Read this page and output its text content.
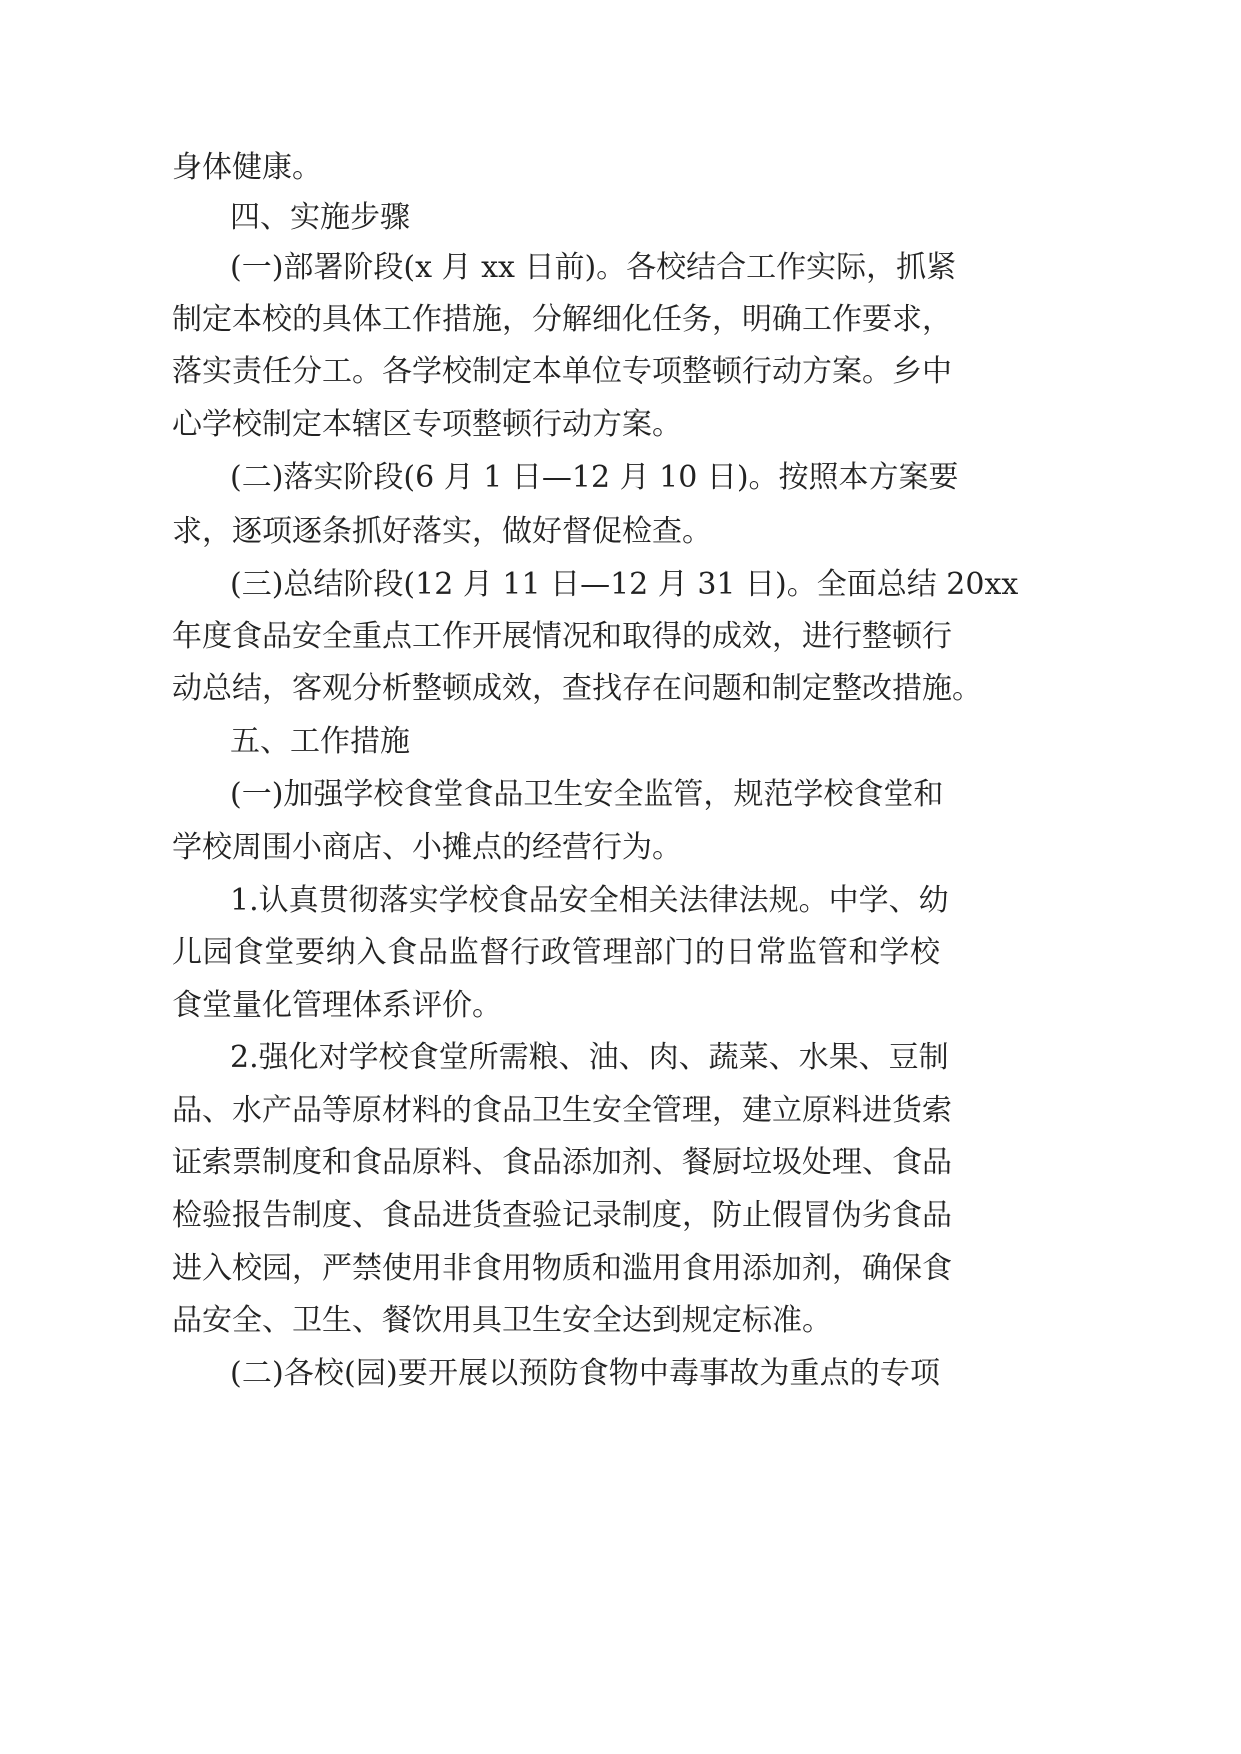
身体健康。
四、实施步骤
(一)部署阶段(x 月 xx 日前)。各校结合工作实际，抓紧
制定本校的具体工作措施，分解细化任务，明确工作要求，
落实责任分工。各学校制定本单位专项整顿行动方案。乡中
心学校制定本辖区专项整顿行动方案。
(二)落实阶段(6 月 1 日—12 月 10 日)。按照本方案要
求，逐项逐条抓好落实，做好督促检查。
(三)总结阶段(12 月 11 日—12 月 31 日)。全面总结 20xx
年度食品安全重点工作开展情况和取得的成效，进行整顿行
动总结，客观分析整顿成效，查找存在问题和制定整改措施。
五、工作措施
(一)加强学校食堂食品卫生安全监管，规范学校食堂和
学校周围小商店、小摊点的经营行为。
1.认真贯彻落实学校食品安全相关法律法规。中学、幼
儿园食堂要纳入食品监督行政管理部门的日常监管和学校
食堂量化管理体系评价。
2.强化对学校食堂所需粮、油、肉、蔬菜、水果、豆制
品、水产品等原材料的食品卫生安全管理，建立原料进货索
证索票制度和食品原料、食品添加剂、餐厨垃圾处理、食品
检验报告制度、食品进货查验记录制度，防止假冒伪劣食品
进入校园，严禁使用非食用物质和滥用食用添加剂，确保食
品安全、卫生、餐饮用具卫生安全达到规定标准。
(二)各校(园)要开展以预防食物中毒事故为重点的专项
